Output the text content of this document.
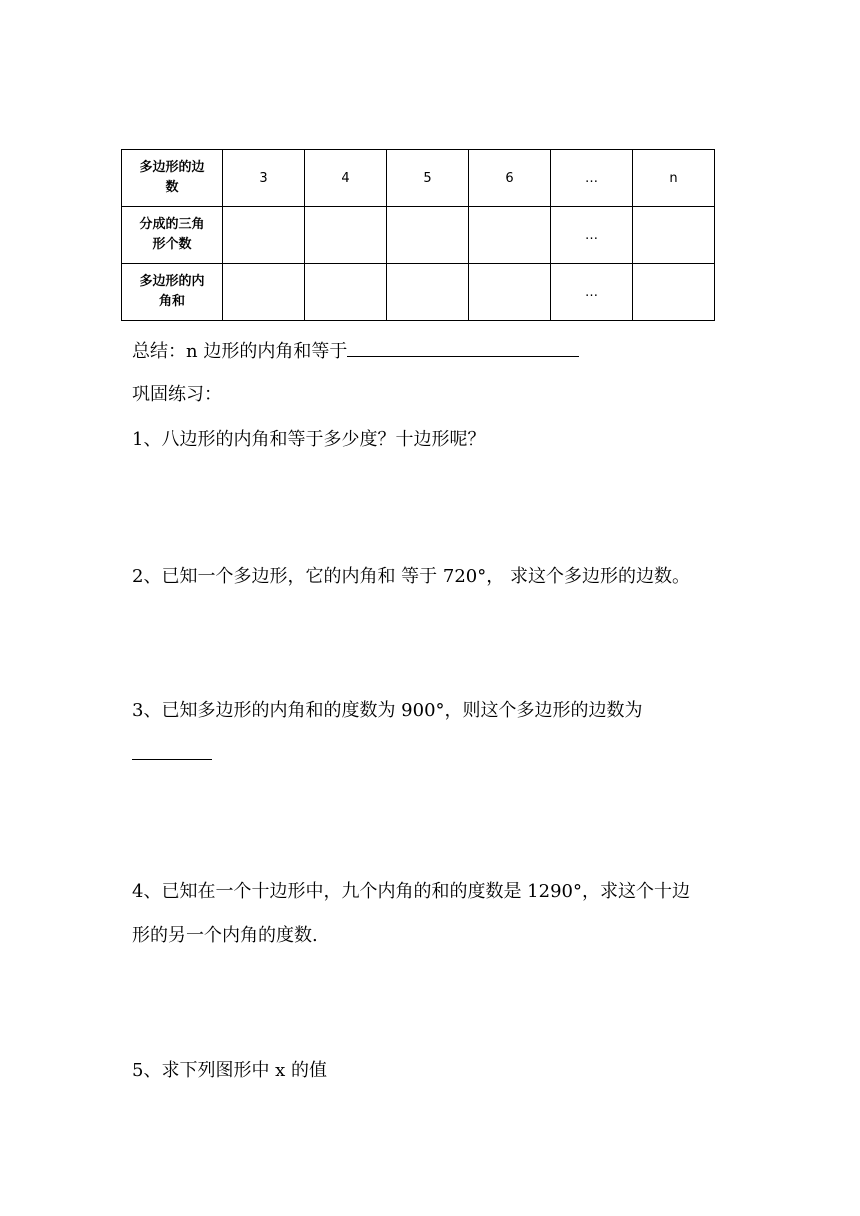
多边形的边
数	3	4	5	6	…	n
分成的三角
形个数					…	
多边形的内
角和					…	
总结：n 边形的内角和等于
巩固练习：
1、八边形的内角和等于多少度？十边形呢？
2、已知一个多边形，它的内角和 等于 720°， 求这个多边形的边数。
3、已知多边形的内角和的度数为 900°，则这个多边形的边数为
4、已知在一个十边形中，九个内角的和的度数是 1290°，求这个十边
形的另一个内角的度数.
5、求下列图形中 x 的值
